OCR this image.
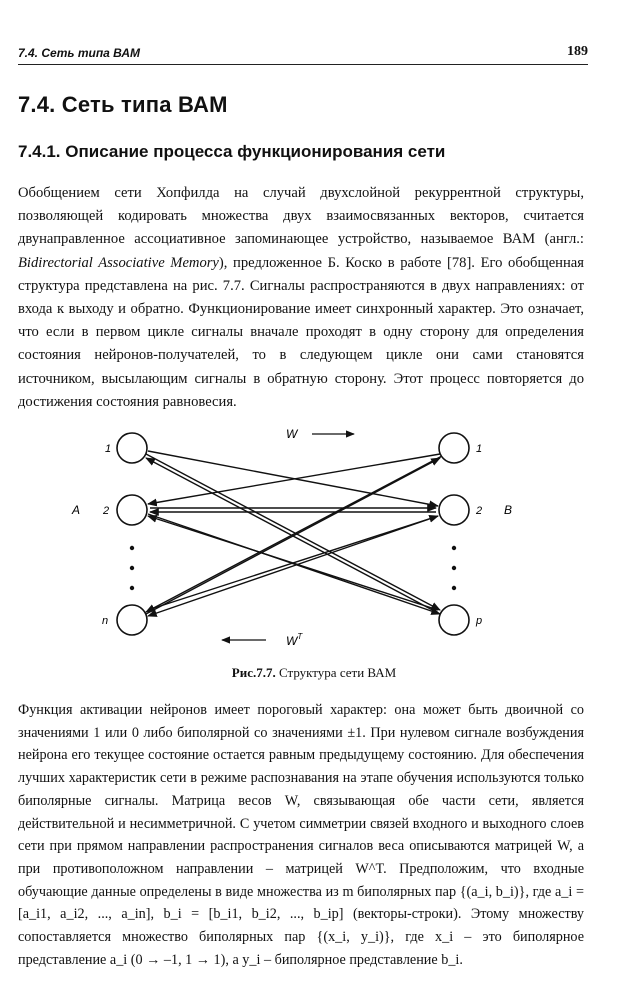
7.4. Сеть типа ВАМ	189
7.4. Сеть типа ВАМ
7.4.1. Описание процесса функционирования сети
Обобщением сети Хопфилда на случай двухслойной рекуррентной структуры, позволяющей кодировать множества двух взаимосвязанных векторов, считается двунаправленное ассоциативное запоминающее устройство, называемое ВАМ (англ.: Bidirectorial Associative Memory), предложенное Б. Коско в работе [78]. Его обобщенная структура представлена на рис. 7.7. Сигналы распространяются в двух направлениях: от входа к выходу и обратно. Функционирование имеет синхронный характер. Это означает, что если в первом цикле сигналы вначале проходят в одну сторону для определения состояния нейронов-получателей, то в следующем цикле они сами становятся источником, высылающим сигналы в обратную сторону. Этот процесс повторяется до достижения состояния равновесия.
1
2
n
1
2
p
A	B
W
$W^T$
Рис.7.7. Структура сети ВАМ
Функция активации нейронов имеет пороговый характер: она может быть двоичной со значениями 1 или 0 либо биполярной со значениями ±1. При нулевом сигнале возбуждения нейрона его текущее состояние остается равным предыдущему состоянию. Для обеспечения лучших характеристик сети в режиме распознавания на этапе обучения используются только биполярные сигналы. Матрица весов W, связывающая обе части сети, является действительной и несимметричной. С учетом симметрии связей входного и выходного слоев сети при прямом направлении распространения сигналов веса описываются матрицей W, а при противоположном направлении – матрицей W^T. Предположим, что входные обучающие данные определены в виде множества из m биполярных пар {(a_i, b_i)}, где a_i = [a_i1, a_i2, ..., a_in], b_i = [b_i1, b_i2, ..., b_ip] (векторы-строки). Этому множеству сопоставляется множество биполярных пар {(x_i, y_i)}, где x_i – это биполярное представление a_i (0 → –1, 1 → 1), а y_i – биполярное представление b_i.
